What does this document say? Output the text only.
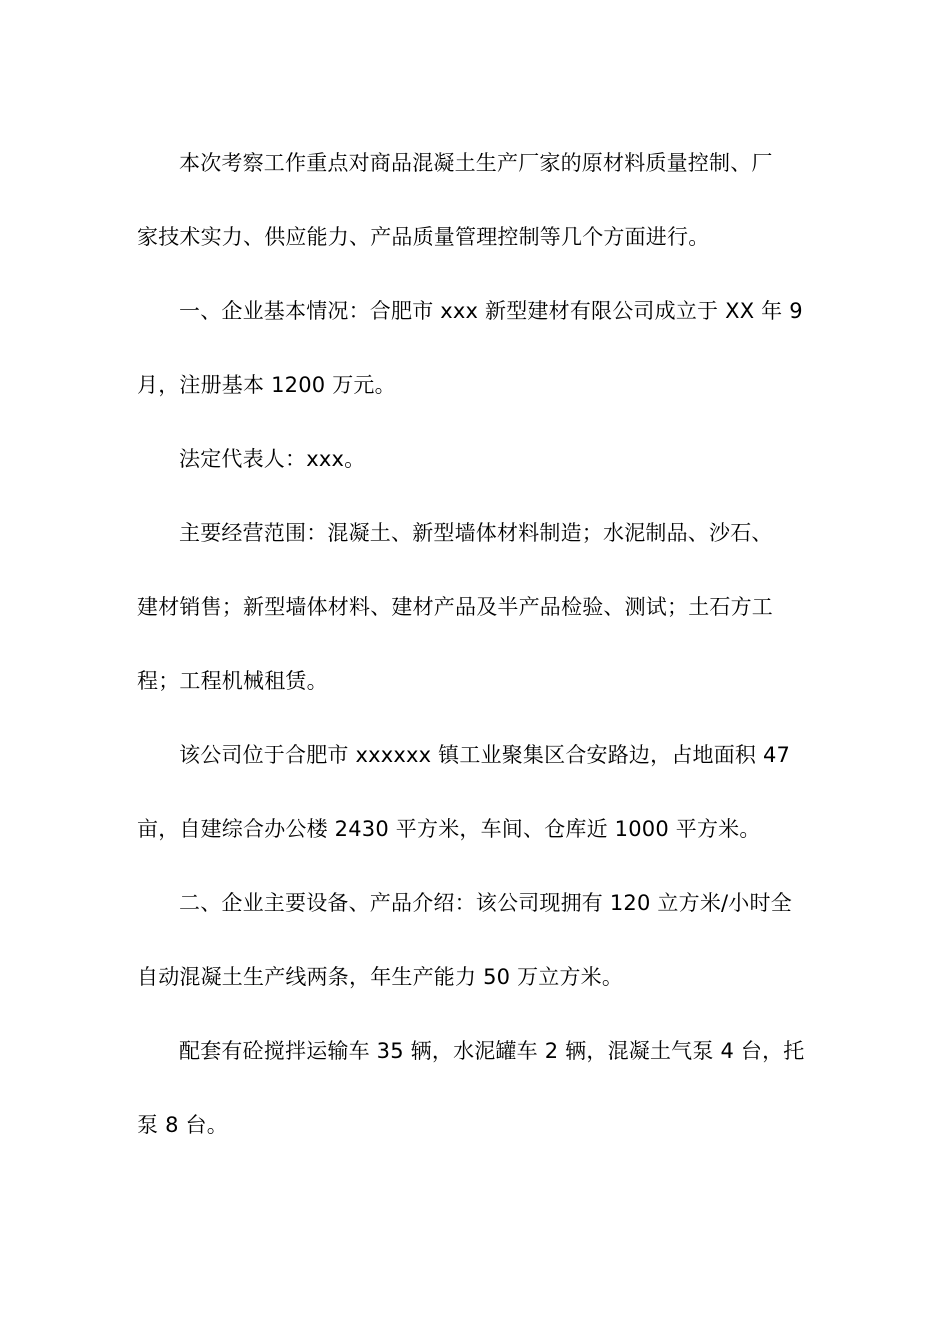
本次考察工作重点对商品混凝土生产厂家的原材料质量控制、厂
家技术实力、供应能力、产品质量管理控制等几个方面进行。

一、企业基本情况：合肥市 xxx 新型建材有限公司成立于 XX 年 9
月，注册基本 1200 万元。

法定代表人：xxx。

主要经营范围：混凝土、新型墙体材料制造；水泥制品、沙石、
建材销售；新型墙体材料、建材产品及半产品检验、测试；土石方工
程；工程机械租赁。

该公司位于合肥市 xxxxxx 镇工业聚集区合安路边，占地面积 47
亩，自建综合办公楼 2430 平方米，车间、仓库近 1000 平方米。

二、企业主要设备、产品介绍：该公司现拥有 120 立方米/小时全
自动混凝土生产线两条，年生产能力 50 万立方米。

配套有砼搅拌运输车 35 辆，水泥罐车 2 辆，混凝土气泵 4 台，托
泵 8 台。
